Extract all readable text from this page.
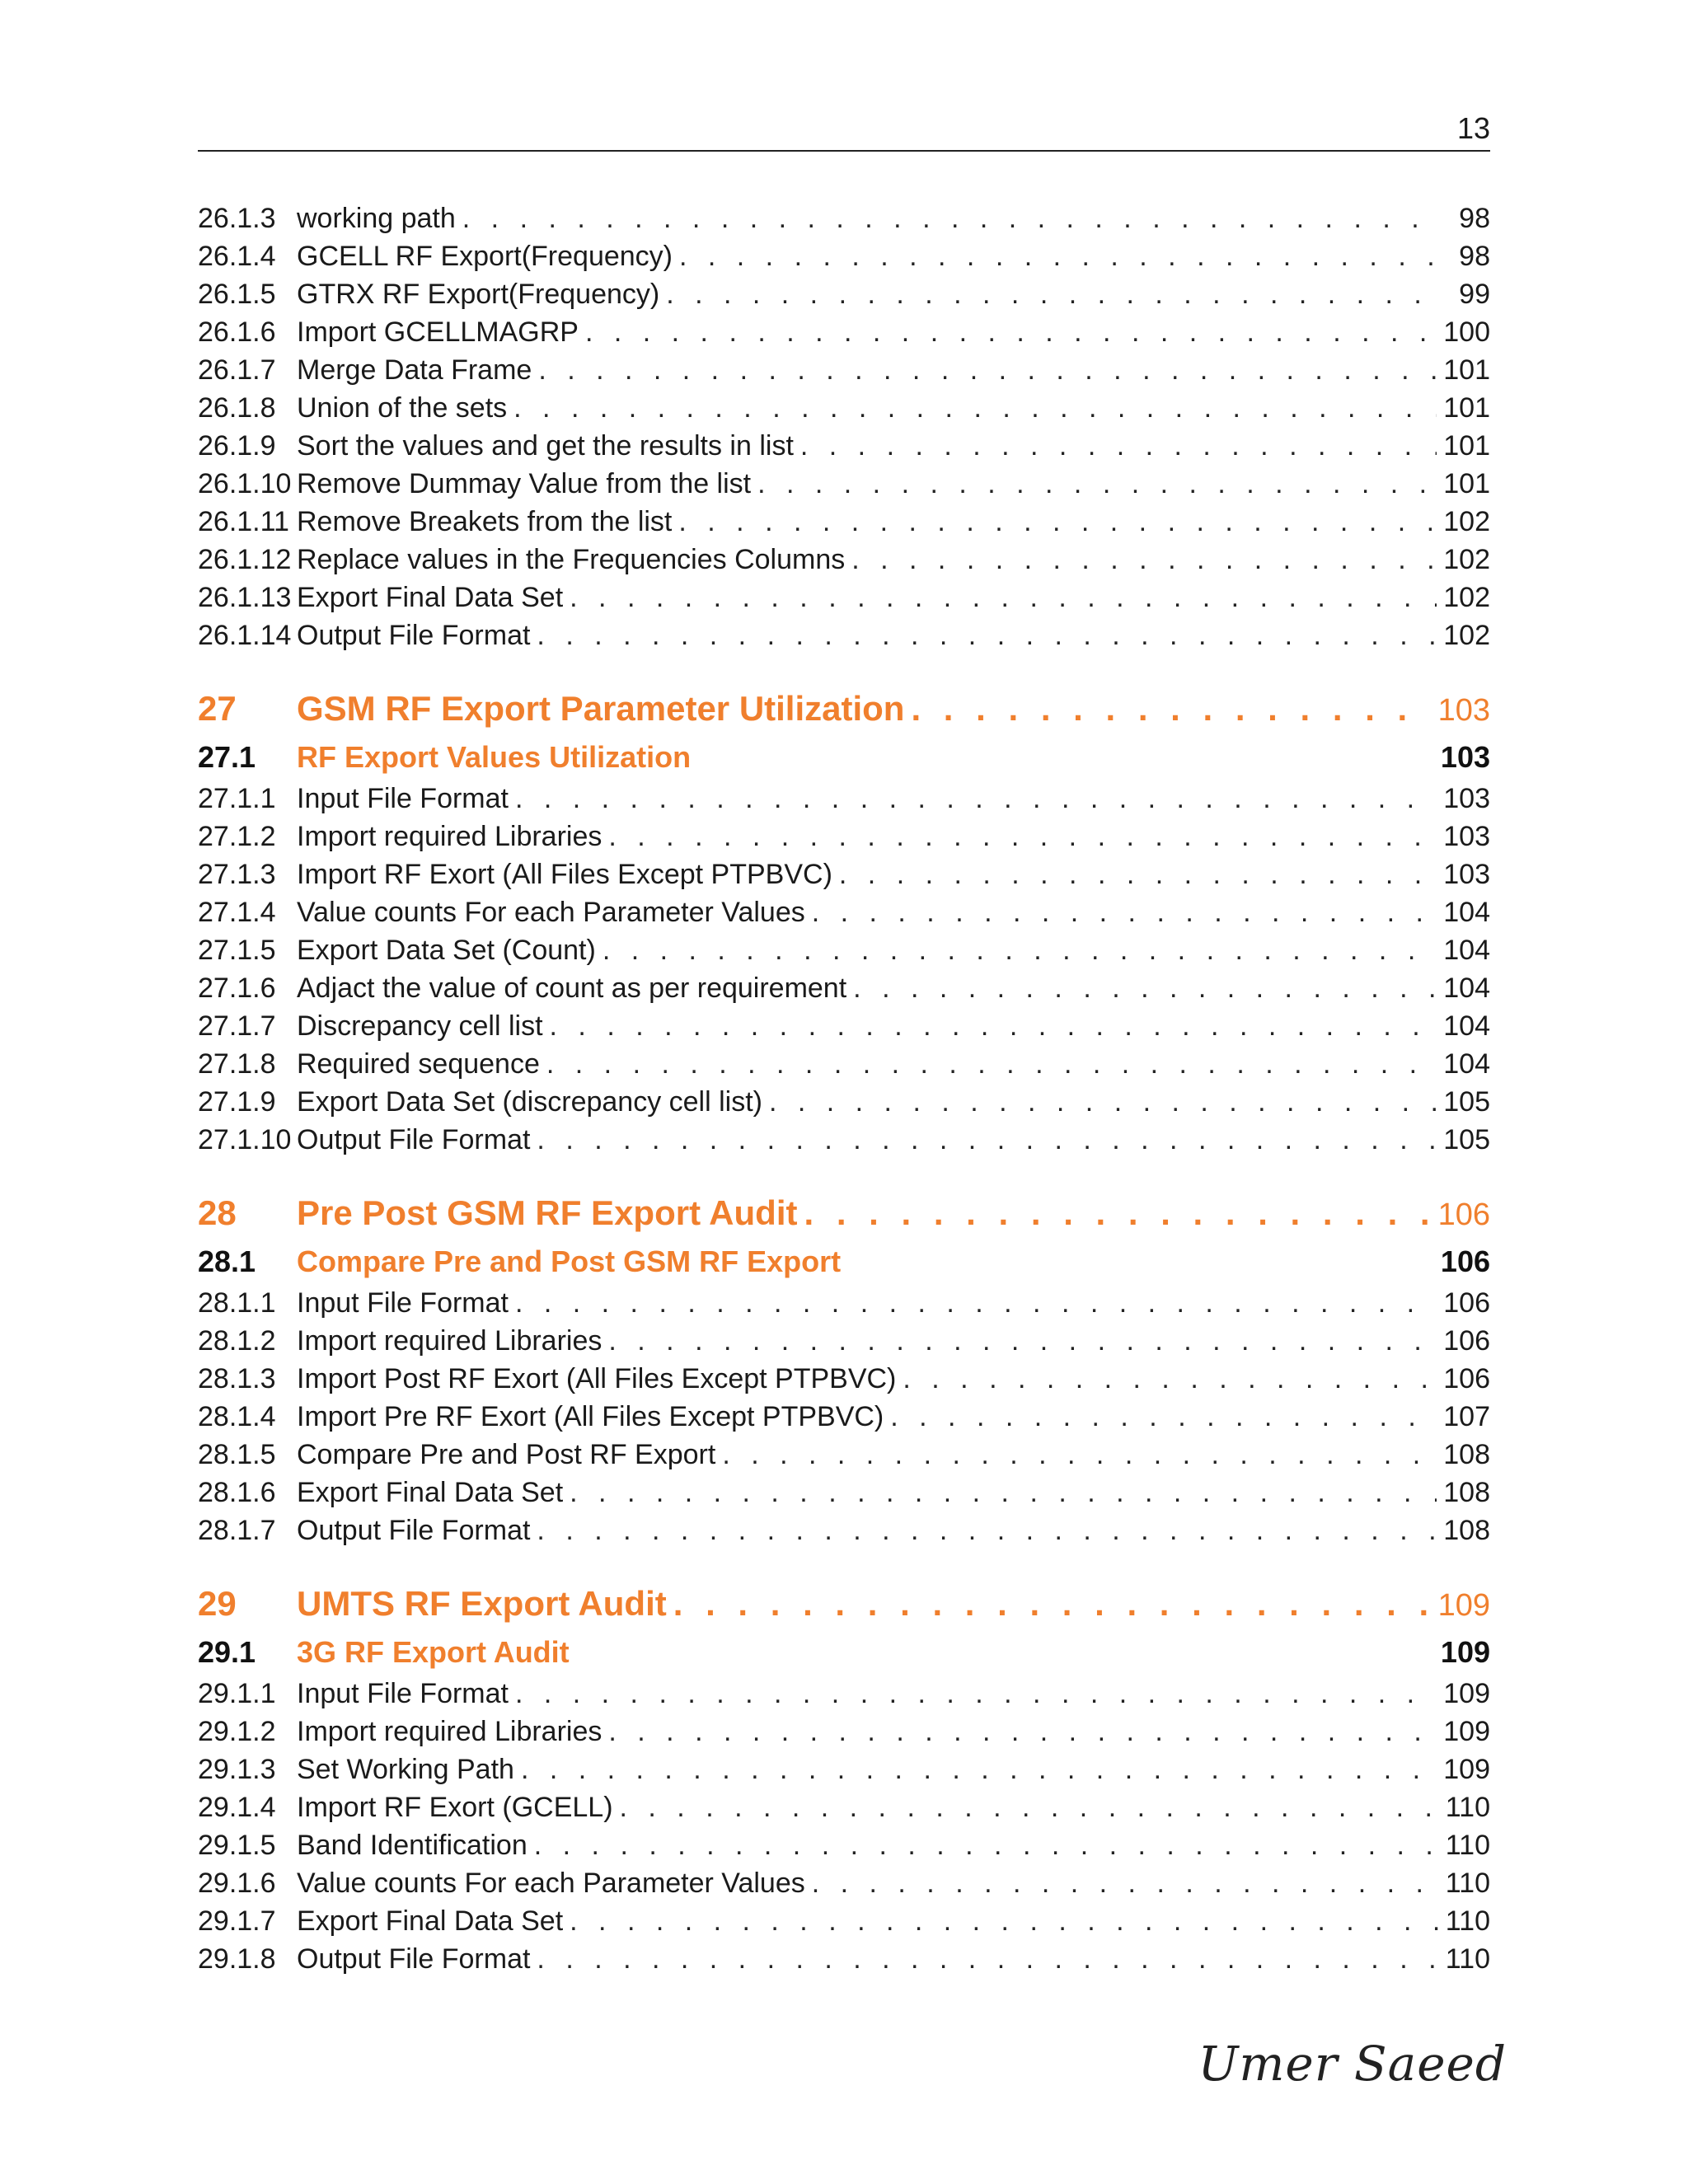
13
26.1.3 working path . . .	98
26.1.4 GCELL RF Export(Frequency) . . .	98
26.1.5 GTRX RF Export(Frequency) . . .	99
26.1.6 Import GCELLMAGRP . . .	100
26.1.7 Merge Data Frame . . .	101
26.1.8 Union of the sets . . .	101
26.1.9 Sort the values and get the results in list . . .	101
26.1.10 Remove Dummay Value from the list . . .	101
26.1.11 Remove Breakets from the list . . .	102
26.1.12 Replace values in the Frequencies Columns . . .	102
26.1.13 Export Final Data Set . . .	102
26.1.14 Output File Format . . .	102
27	GSM RF Export Parameter Utilization . . .	103
27.1	RF Export Values Utilization	103
27.1.1 Input File Format . . .	103
27.1.2 Import required Libraries . . .	103
27.1.3 Import RF Exort (All Files Except PTPBVC) . . .	103
27.1.4 Value counts For each Parameter Values . . .	104
27.1.5 Export Data Set (Count) . . .	104
27.1.6 Adjact the value of count as per requirement . . .	104
27.1.7 Discrepancy cell list . . .	104
27.1.8 Required sequence . . .	104
27.1.9 Export Data Set (discrepancy cell list) . . .	105
27.1.10 Output File Format . . .	105
28	Pre Post GSM RF Export Audit . . .	106
28.1	Compare Pre and Post GSM RF Export	106
28.1.1 Input File Format . . .	106
28.1.2 Import required Libraries . . .	106
28.1.3 Import Post RF Exort (All Files Except PTPBVC) . . .	106
28.1.4 Import Pre RF Exort (All Files Except PTPBVC) . . .	107
28.1.5 Compare Pre and Post RF Export . . .	108
28.1.6 Export Final Data Set . . .	108
28.1.7 Output File Format . . .	108
29	UMTS RF Export Audit . . .	109
29.1	3G RF Export Audit	109
29.1.1 Input File Format . . .	109
29.1.2 Import required Libraries . . .	109
29.1.3 Set Working Path . . .	109
29.1.4 Import RF Exort (GCELL) . . .	110
29.1.5 Band Identification . . .	110
29.1.6 Value counts For each Parameter Values . . .	110
29.1.7 Export Final Data Set . . .	110
29.1.8 Output File Format . . .	110
Umer Saeed
